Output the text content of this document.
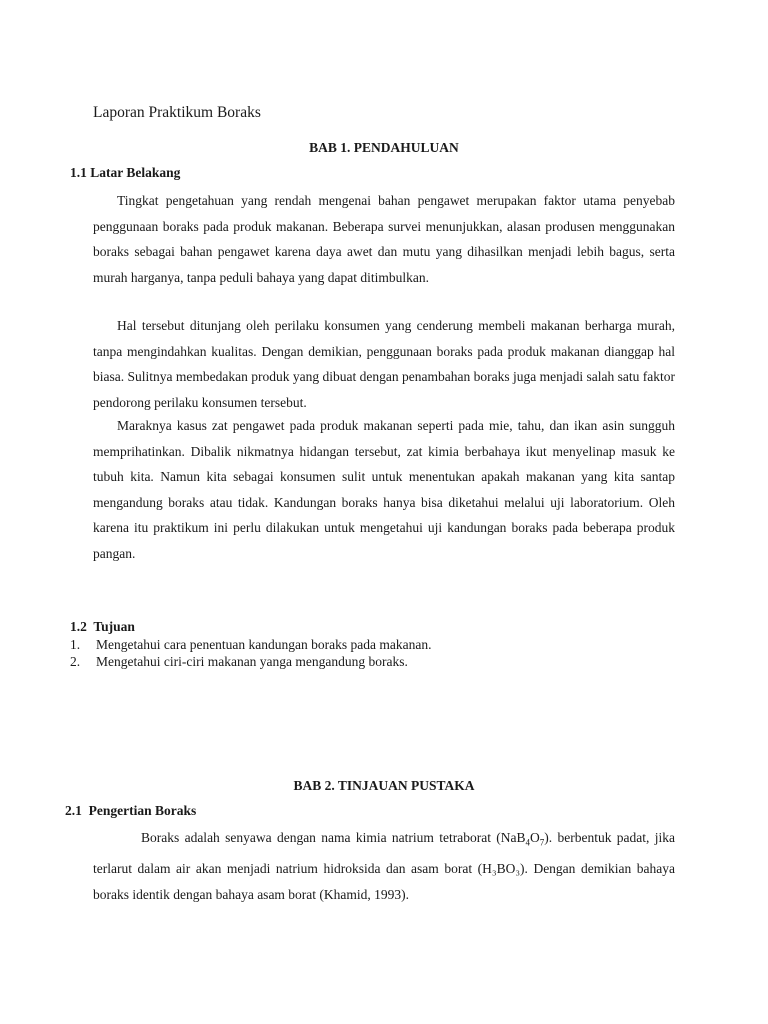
Laporan Praktikum Boraks
BAB 1. PENDAHULUAN
1.1 Latar Belakang

Tingkat pengetahuan yang rendah mengenai bahan pengawet merupakan faktor utama penyebab penggunaan boraks pada produk makanan. Beberapa survei menunjukkan, alasan produsen menggunakan boraks sebagai bahan pengawet karena daya awet dan mutu yang dihasilkan menjadi lebih bagus, serta murah harganya, tanpa peduli bahaya yang dapat ditimbulkan.

Hal tersebut ditunjang oleh perilaku konsumen yang cenderung membeli makanan berharga murah, tanpa mengindahkan kualitas. Dengan demikian, penggunaan boraks pada produk makanan dianggap hal biasa. Sulitnya membedakan produk yang dibuat dengan penambahan boraks juga menjadi salah satu faktor pendorong perilaku konsumen tersebut.

Maraknya kasus zat pengawet pada produk makanan seperti pada mie, tahu, dan ikan asin sungguh memprihatinkan. Dibalik nikmatnya hidangan tersebut, zat kimia berbahaya ikut menyelinap masuk ke tubuh kita. Namun kita sebagai konsumen sulit untuk menentukan apakah makanan yang kita santap mengandung boraks atau tidak. Kandungan boraks hanya bisa diketahui melalui uji laboratorium. Oleh karena itu praktikum ini perlu dilakukan untuk mengetahui uji kandungan boraks pada beberapa produk pangan.

1.2  Tujuan
1.	Mengetahui cara penentuan kandungan boraks pada makanan.
2.	Mengetahui ciri-ciri makanan yanga mengandung boraks.
BAB 2. TINJAUAN PUSTAKA
2.1  Pengertian Boraks

Boraks adalah senyawa dengan nama kimia natrium tetraborat $(NaB_4O_7)$. berbentuk padat, jika terlarut dalam air akan menjadi natrium hidroksida dan asam borat (H₃BO₃). Dengan demikian bahaya boraks identik dengan bahaya asam borat (Khamid, 1993).
